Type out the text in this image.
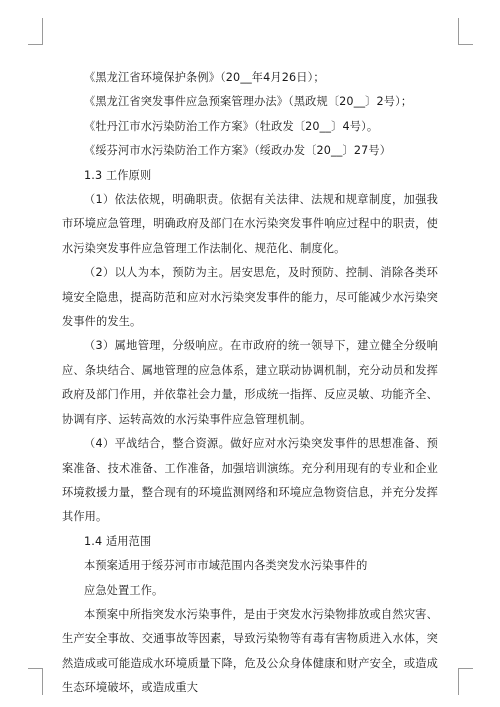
《黑龙江省环境保护条例》（20__年4月26日）；

《黑龙江省突发事件应急预案管理办法》（黑政规〔20__〕2号）；

《牡丹江市水污染防治工作方案》（牡政发〔20__〕4号）。

《绥芬河市水污染防治工作方案》（绥政办发〔20__〕27号）

1.3 工作原则

（1）依法依规，明确职责。依据有关法律、法规和规章制度，加强我市环境应急管理，明确政府及部门在水污染突发事件响应过程中的职责，使水污染突发事件应急管理工作法制化、规范化、制度化。

（2）以人为本，预防为主。居安思危，及时预防、控制、消除各类环境安全隐患，提高防范和应对水污染突发事件的能力，尽可能减少水污染突发事件的发生。

（3）属地管理，分级响应。在市政府的统一领导下，建立健全分级响应、条块结合、属地管理的应急体系，建立联动协调机制，充分动员和发挥政府及部门作用，并依靠社会力量，形成统一指挥、反应灵敏、功能齐全、协调有序、运转高效的水污染事件应急管理机制。

（4）平战结合，整合资源。做好应对水污染突发事件的思想准备、预案准备、技术准备、工作准备，加强培训演练。充分利用现有的专业和企业环境救援力量，整合现有的环境监测网络和环境应急物资信息，并充分发挥其作用。

1.4 适用范围

本预案适用于绥芬河市市域范围内各类突发水污染事件的

应急处置工作。

本预案中所指突发水污染事件，是由于突发水污染物排放或自然灾害、生产安全事故、交通事故等因素，导致污染物等有毒有害物质进入水体，突然造成或可能造成水环境质量下降，危及公众身体健康和财产安全，或造成生态环境破坏，或造成重大
